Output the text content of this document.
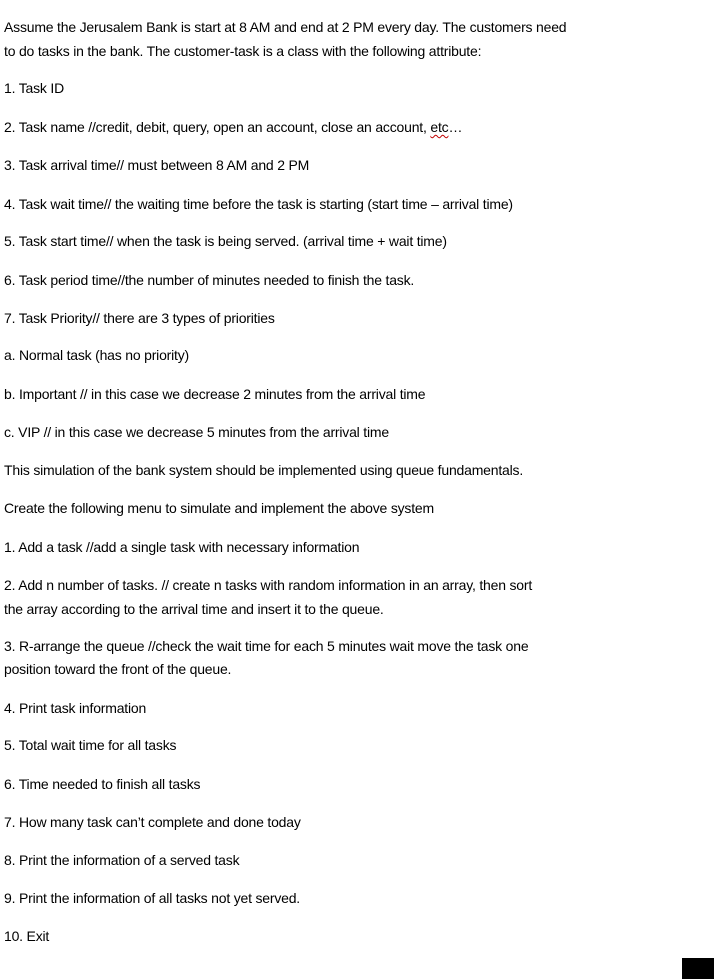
Assume the Jerusalem Bank is start at 8 AM and end at 2 PM every day. The customers need
to do tasks in the bank. The customer-task is a class with the following attribute:
1. Task ID
2. Task name //credit, debit, query, open an account, close an account, etc…
3. Task arrival time// must between 8 AM and 2 PM
4. Task wait time// the waiting time before the task is starting (start time – arrival time)
5. Task start time// when the task is being served. (arrival time + wait time)
6. Task period time//the number of minutes needed to finish the task.
7. Task Priority// there are 3 types of priorities
a. Normal task (has no priority)
b. Important // in this case we decrease 2 minutes from the arrival time
c. VIP // in this case we decrease 5 minutes from the arrival time
This simulation of the bank system should be implemented using queue fundamentals.
Create the following menu to simulate and implement the above system
1. Add a task //add a single task with necessary information
2. Add n number of tasks. // create n tasks with random information in an array, then sort
the array according to the arrival time and insert it to the queue.
3. R-arrange the queue //check the wait time for each 5 minutes wait move the task one
position toward the front of the queue.
4. Print task information
5. Total wait time for all tasks
6. Time needed to finish all tasks
7. How many task can’t complete and done today
8. Print the information of a served task
9. Print the information of all tasks not yet served.
10. Exit
